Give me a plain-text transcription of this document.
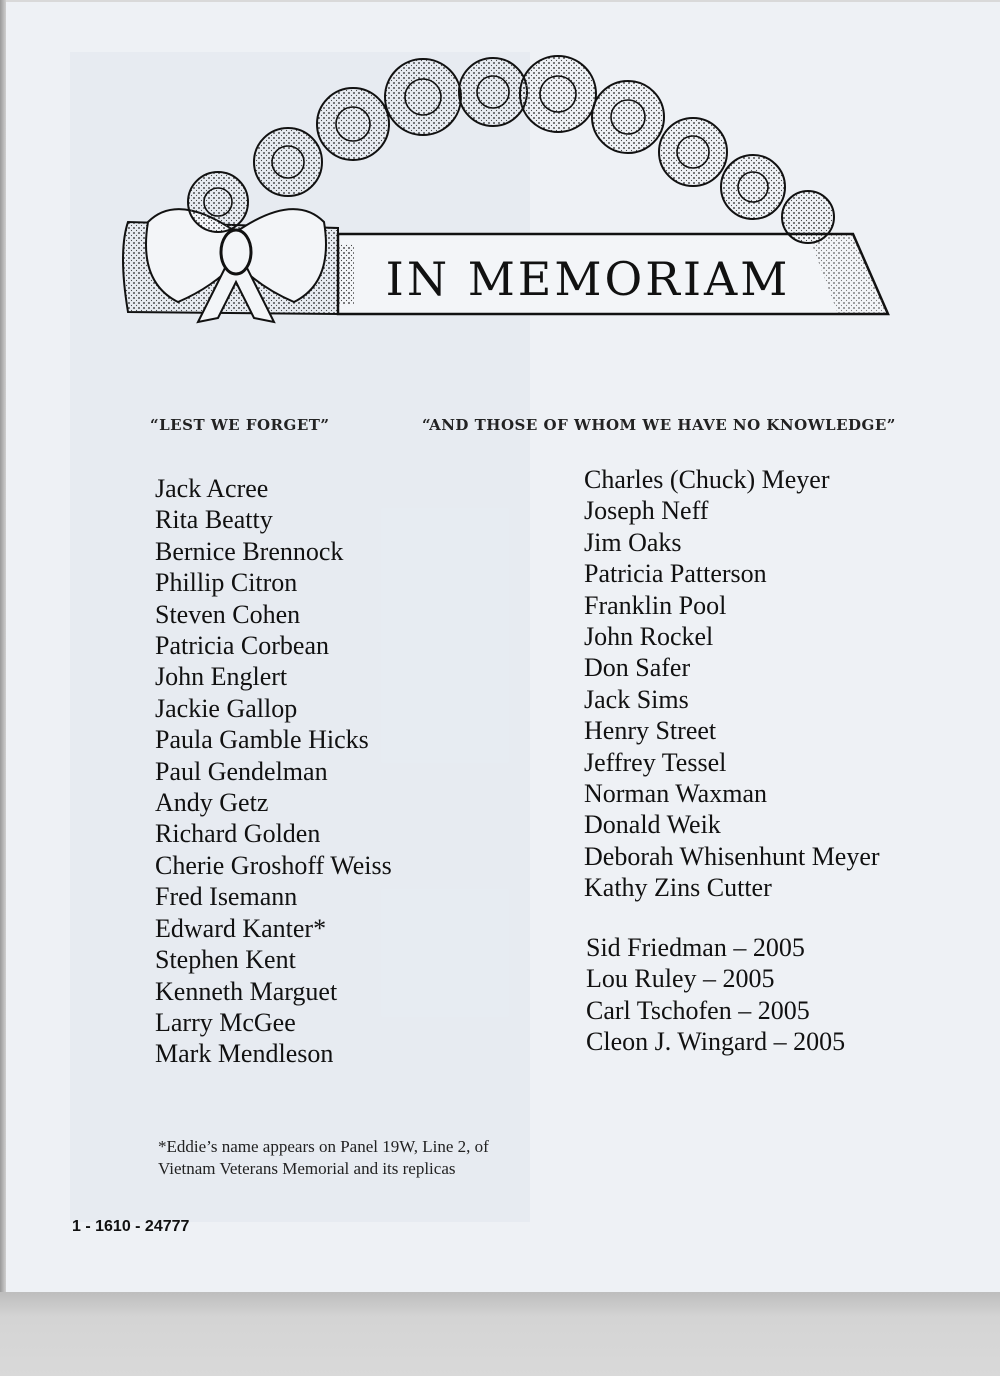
IN MEMORIAM
“LEST WE FORGET”	“AND THOSE OF WHOM WE HAVE NO KNOWLEDGE”
Jack Acree
Rita Beatty
Bernice Brennock
Phillip Citron
Steven Cohen
Patricia Corbean
John Englert
Jackie Gallop
Paula Gamble Hicks
Paul Gendelman
Andy Getz
Richard Golden
Cherie Groshoff Weiss
Fred Isemann
Edward Kanter*
Stephen Kent
Kenneth Marguet
Larry McGee
Mark Mendleson
Charles (Chuck) Meyer
Joseph Neff
Jim Oaks
Patricia Patterson
Franklin Pool
John Rockel
Don Safer
Jack Sims
Henry Street
Jeffrey Tessel
Norman Waxman
Donald Weik
Deborah Whisenhunt Meyer
Kathy Zins Cutter
Sid Friedman – 2005
Lou Ruley – 2005
Carl Tschofen – 2005
Cleon J. Wingard – 2005
*Eddie’s name appears on Panel 19W, Line 2, of
Vietnam Veterans Memorial and its replicas
1 - 1610 - 24777
